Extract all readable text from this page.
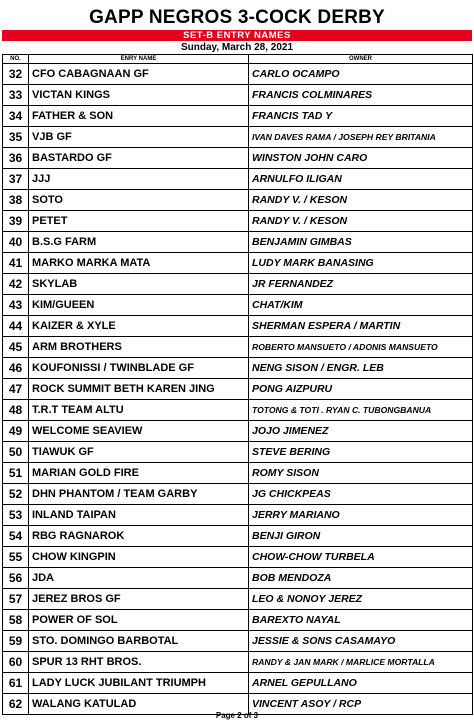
GAPP NEGROS 3-COCK DERBY
SET-B ENTRY NAMES
Sunday, March 28, 2021
NO.	ENRY NAME	OWNER
32	CFO CABAGNAAN GF	CARLO OCAMPO
33	VICTAN KINGS	FRANCIS COLMINARES
34	FATHER & SON	FRANCIS TAD Y
35	VJB GF	IVAN DAVES RAMA / JOSEPH REY BRITANIA
36	BASTARDO GF	WINSTON JOHN CARO
37	JJJ	ARNULFO ILIGAN
38	SOTO	RANDY V. / KESON
39	PETET	RANDY V. / KESON
40	B.S.G FARM	BENJAMIN GIMBAS
41	MARKO MARKA MATA	LUDY MARK BANASING
42	SKYLAB	JR FERNANDEZ
43	KIM/GUEEN	CHAT/KIM
44	KAIZER & XYLE	SHERMAN ESPERA / MARTIN
45	ARM BROTHERS	ROBERTO MANSUETO / ADONIS MANSUETO
46	KOUFONISSI / TWINBLADE GF	NENG SISON / ENGR. LEB
47	ROCK SUMMIT BETH KAREN JING	PONG AIZPURU
48	T.R.T TEAM ALTU	TOTONG & TOTI . RYAN C. TUBONGBANUA
49	WELCOME SEAVIEW	JOJO JIMENEZ
50	TIAWUK GF	STEVE BERING
51	MARIAN GOLD FIRE	ROMY SISON
52	DHN PHANTOM / TEAM GARBY	JG CHICKPEAS
53	INLAND TAIPAN	JERRY MARIANO
54	RBG RAGNAROK	BENJI GIRON
55	CHOW KINGPIN	CHOW-CHOW TURBELA
56	JDA	BOB MENDOZA
57	JEREZ BROS GF	LEO & NONOY JEREZ
58	POWER OF SOL	BAREXTO NAYAL
59	STO. DOMINGO BARBOTAL	JESSIE & SONS CASAMAYO
60	SPUR 13 RHT BROS.	RANDY & JAN MARK / MARLICE MORTALLA
61	LADY LUCK JUBILANT TRIUMPH	ARNEL GEPULLANO
62	WALANG KATULAD	VINCENT ASOY / RCP
Page 2 of 3
